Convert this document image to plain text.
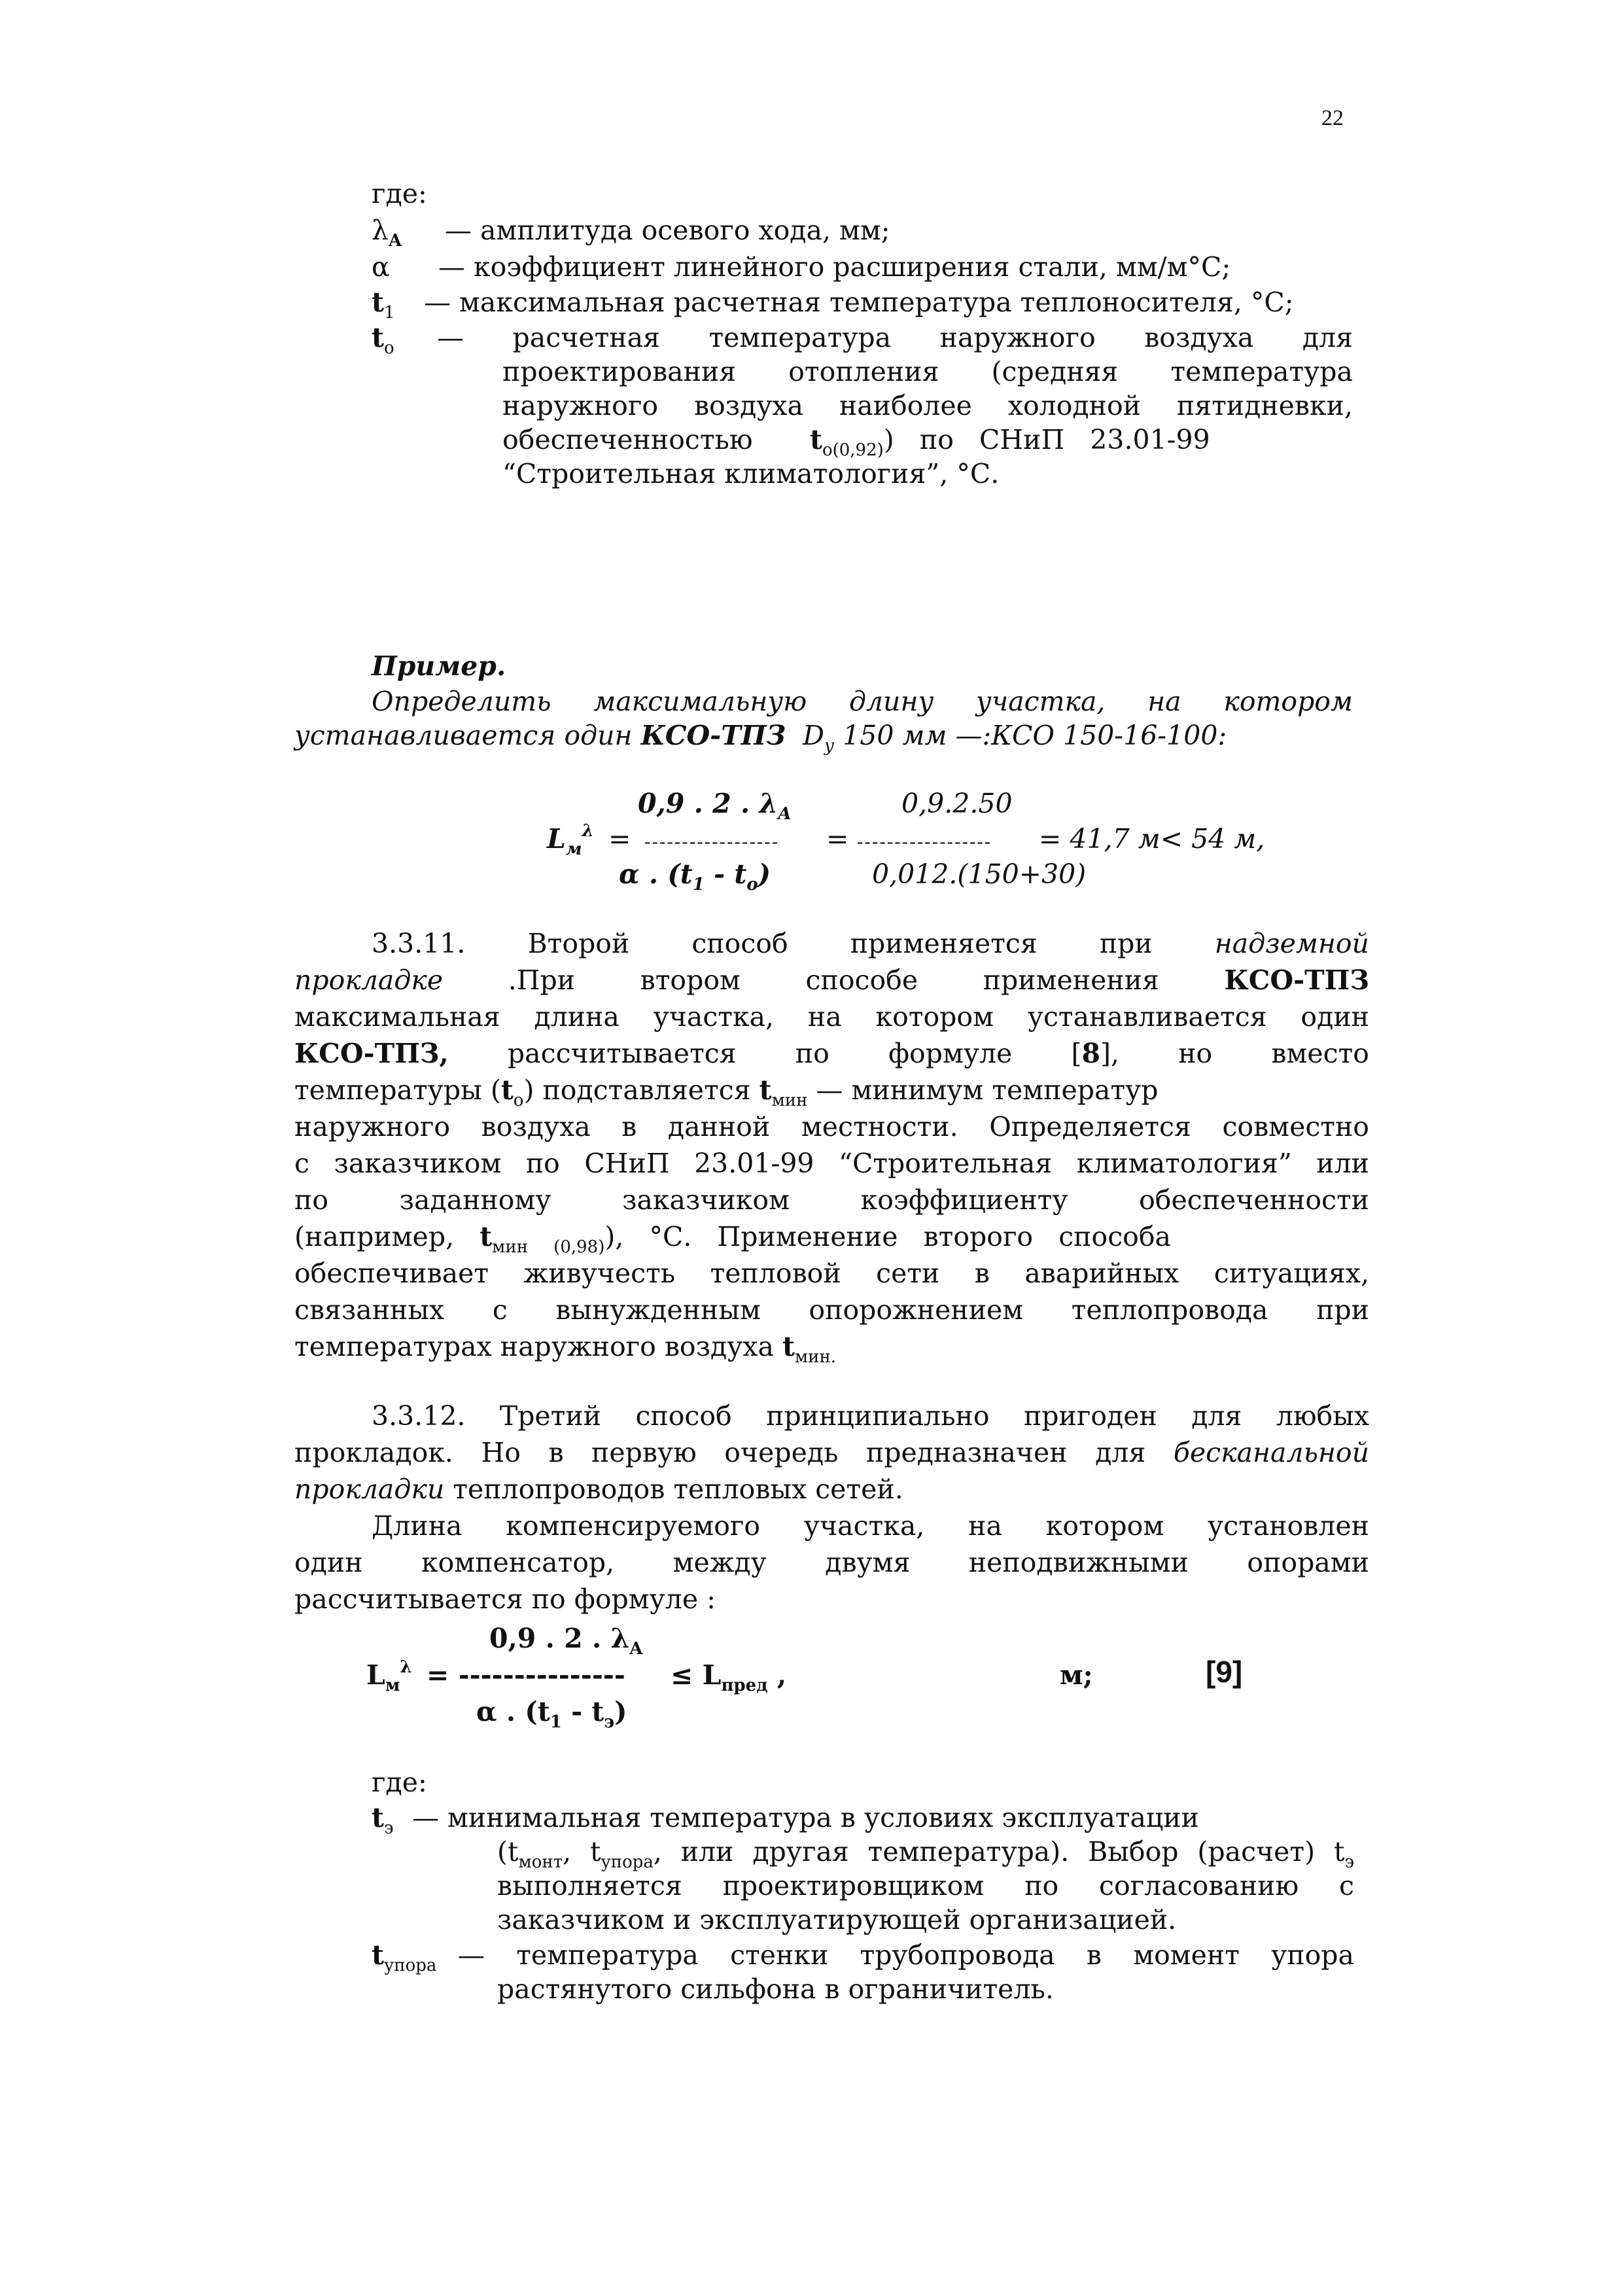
22
где:
$\lambda_A$ — амплитуда осевого хода, мм;
α — коэффициент линейного расширения стали, мм/м°С;
$t_1$ — максимальная расчетная температура теплоносителя, °С;
$t_o$ — расчетная температура наружного воздуха для
проектирования отопления (средняя температура
наружного воздуха наиболее холодной пятидневки,
обеспеченностью $t_{o(0,92)}$)   по   СНиП   23.01-99
“Строительная климатология”, °С.
Пример.
Определить максимальную длину участка, на котором
устанавливается один КСО-ТПЗ  $D_у$ 150 мм —:КСО 150-16-100:
0,9 . 2 . $\lambda_A$	0,9.2.50
$L_м^\lambda$ = ------------------ = ------------------ = 41,7 м< 54 м,
α . $(t_1 - t_o)$	0,012.(150+30)
3.3.11. Второй способ применяется при надземной
прокладке .При втором способе применения КСО-ТПЗ
максимальная длина участка, на котором устанавливается один
КСО-ТПЗ, рассчитывается по формуле [8], но вместо
температуры $(t_o)$ подставляется $t_{мин}$ — минимум температур
наружного воздуха в данной местности. Определяется совместно
с заказчиком по СНиП 23.01-99 “Строительная климатология” или
по	заданному	заказчиком	коэффициенту	обеспеченности
(например, $t_{мин}$ $_{(0,98)}$),   °С.   Применение   второго   способа
обеспечивает живучесть тепловой сети в аварийных ситуациях,
связанных с вынужденным опорожнением теплопровода при
температурах наружного воздуха $t_{мин.}$
3.3.12. Третий способ принципиально пригоден для любых
прокладок. Но в первую очередь предназначен для бесканальной
прокладки теплопроводов тепловых сетей.
Длина компенсируемого участка, на котором установлен
один компенсатор, между двумя неподвижными опорами
рассчитывается по формуле :
0,9 . 2 . $\lambda_A$
$L_м^\lambda$ = --------------- ≤ $L_{пред}$ ,	м;	[9]
α . $(t_1 - t_э)$
где:
$t_э$ — минимальная температура в условиях эксплуатации
($t_{монт}$, $t_{упора}$, или другая температура). Выбор (расчет) $t_э$
выполняется проектировщиком по согласованию с
заказчиком и эксплуатирующей организацией.
$t_{упора}$ — температура стенки трубопровода в момент упора
растянутого сильфона в ограничитель.
